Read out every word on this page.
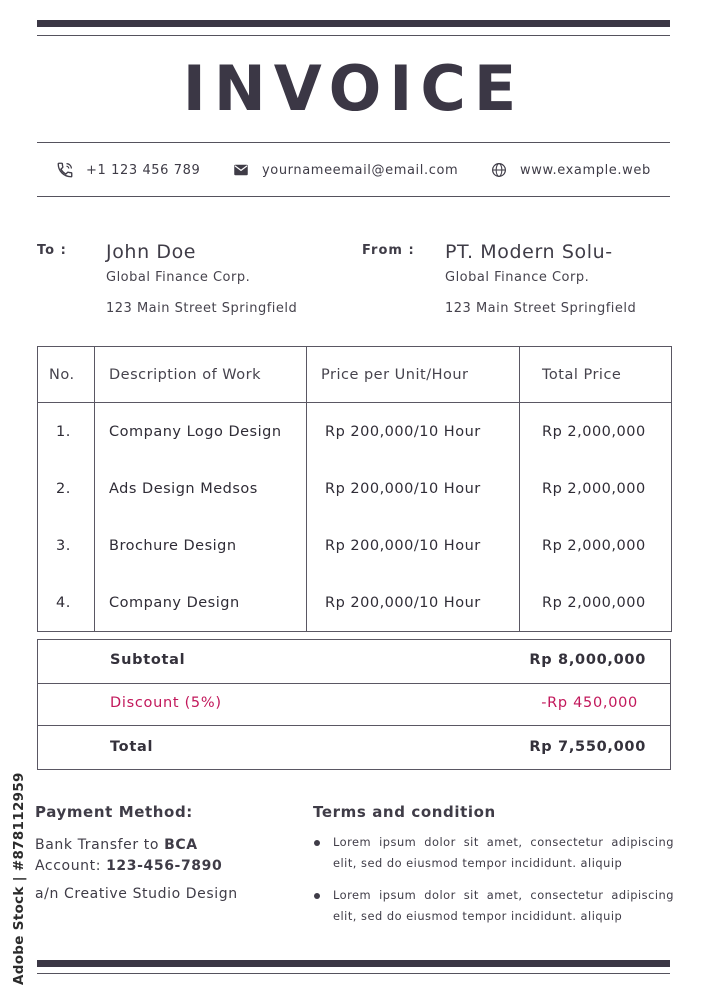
INVOICE
+1 123 456 789	yournameemail@email.com	www.example.web
To : John Doe
Global Finance Corp.
123 Main Street Springfield
From : PT. Modern Solu-
Global Finance Corp.
123 Main Street Springfield
No.	Description of Work	Price per Unit/Hour	Total Price
1.	Company Logo Design	Rp 200,000/10 Hour	Rp 2,000,000
2.	Ads Design Medsos	Rp 200,000/10 Hour	Rp 2,000,000
3.	Brochure Design	Rp 200,000/10 Hour	Rp 2,000,000
4.	Company Design	Rp 200,000/10 Hour	Rp 2,000,000
Subtotal	Rp 8,000,000
Discount (5%)	-Rp 450,000
Total	Rp 7,550,000
Payment Method:
Bank Transfer to BCA
Account: 123-456-7890
a/n Creative Studio Design
Terms and condition
Lorem ipsum dolor sit amet, consectetur adipiscing elit, sed do eiusmod tempor incididunt. aliquip
Lorem ipsum dolor sit amet, consectetur adipiscing elit, sed do eiusmod tempor incididunt. aliquip
Adobe Stock | #878112959
